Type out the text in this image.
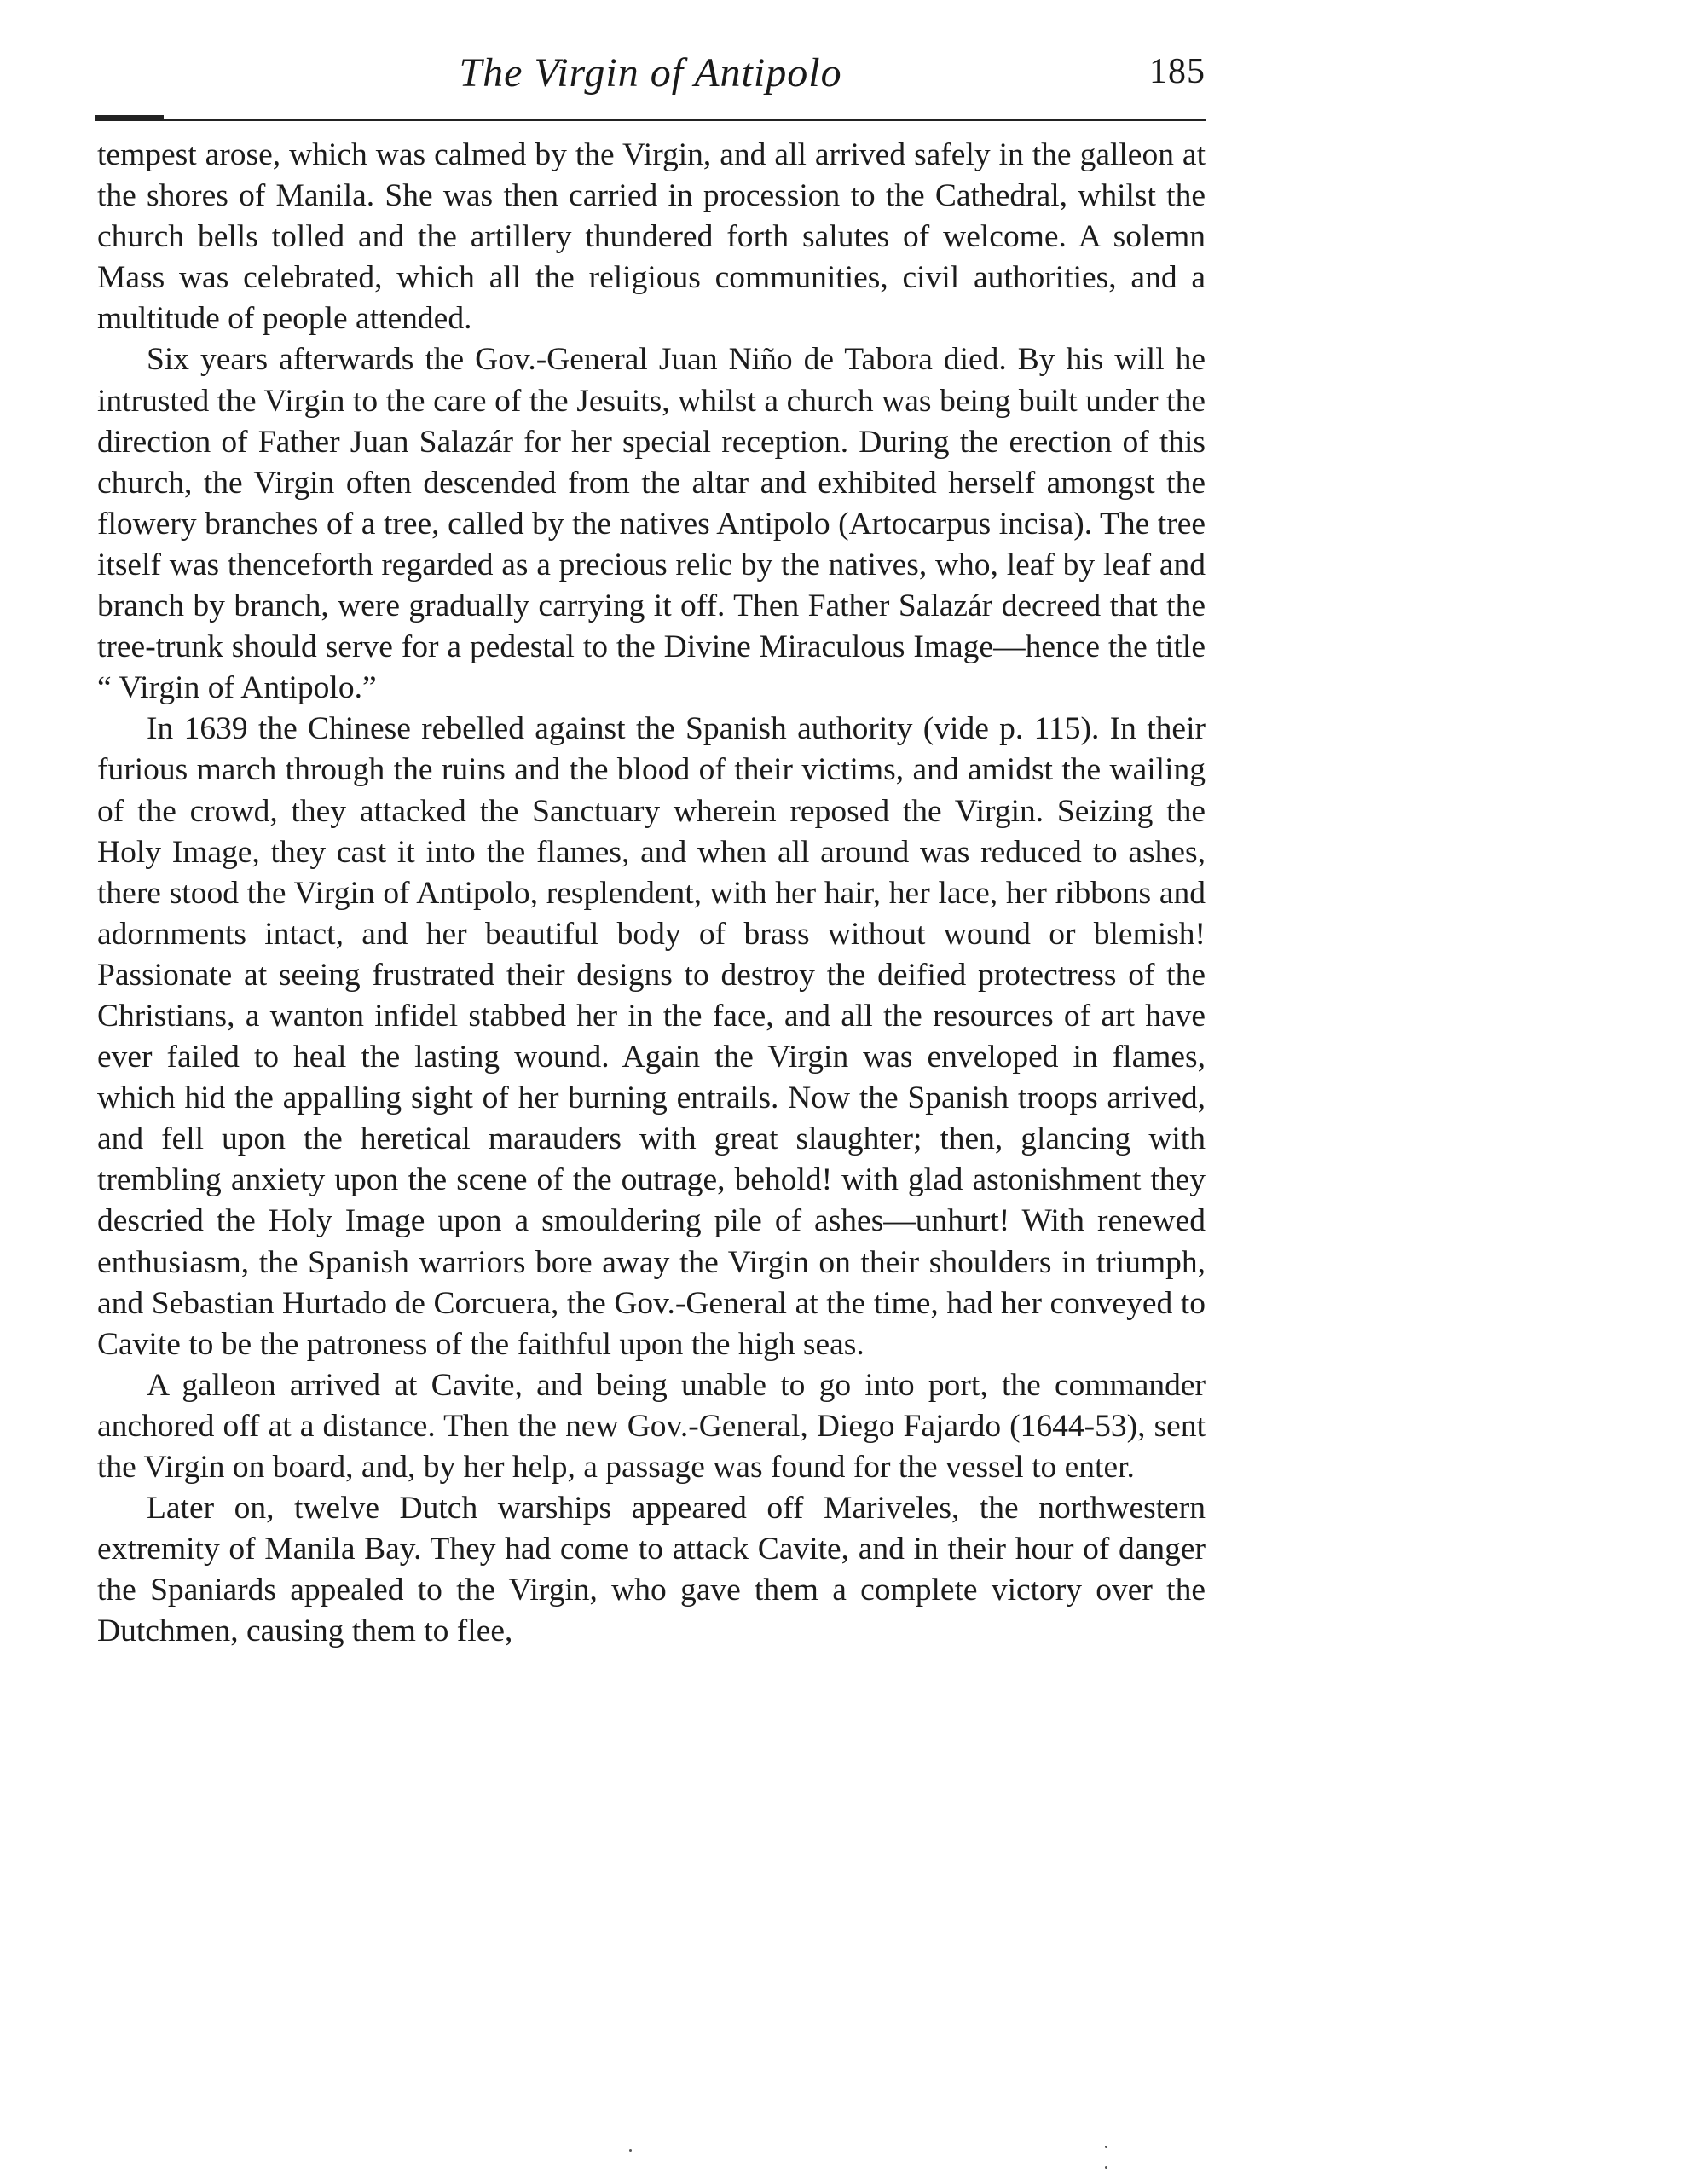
The Virgin of Antipolo	185

tempest arose, which was calmed by the Virgin, and all arrived safely in the galleon at the shores of Manila. She was then carried in procession to the Cathedral, whilst the church bells tolled and the artillery thundered forth salutes of welcome. A solemn Mass was celebrated, which all the religious communities, civil authorities, and a multitude of people attended.

Six years afterwards the Gov.-General Juan Niño de Tabora died. By his will he intrusted the Virgin to the care of the Jesuits, whilst a church was being built under the direction of Father Juan Salazár for her special reception. During the erection of this church, the Virgin often descended from the altar and exhibited herself amongst the flowery branches of a tree, called by the natives Antipolo (Artocarpus incisa). The tree itself was thenceforth regarded as a precious relic by the natives, who, leaf by leaf and branch by branch, were gradually carrying it off. Then Father Salazár decreed that the tree-trunk should serve for a pedestal to the Divine Miraculous Image—hence the title “ Virgin of Antipolo.”

In 1639 the Chinese rebelled against the Spanish authority (vide p. 115). In their furious march through the ruins and the blood of their victims, and amidst the wailing of the crowd, they attacked the Sanctuary wherein reposed the Virgin. Seizing the Holy Image, they cast it into the flames, and when all around was reduced to ashes, there stood the Virgin of Antipolo, resplendent, with her hair, her lace, her ribbons and adornments intact, and her beautiful body of brass without wound or blemish! Passionate at seeing frustrated their designs to destroy the deified protectress of the Christians, a wanton infidel stabbed her in the face, and all the resources of art have ever failed to heal the lasting wound. Again the Virgin was enveloped in flames, which hid the appalling sight of her burning entrails. Now the Spanish troops arrived, and fell upon the heretical marauders with great slaughter; then, glancing with trembling anxiety upon the scene of the outrage, behold! with glad astonishment they descried the Holy Image upon a smouldering pile of ashes—unhurt! With renewed enthusiasm, the Spanish warriors bore away the Virgin on their shoulders in triumph, and Sebastian Hurtado de Corcuera, the Gov.-General at the time, had her conveyed to Cavite to be the patroness of the faithful upon the high seas.

A galleon arrived at Cavite, and being unable to go into port, the commander anchored off at a distance. Then the new Gov.-General, Diego Fajardo (1644-53), sent the Virgin on board, and, by her help, a passage was found for the vessel to enter.

Later on, twelve Dutch warships appeared off Mariveles, the northwestern extremity of Manila Bay. They had come to attack Cavite, and in their hour of danger the Spaniards appealed to the Virgin, who gave them a complete victory over the Dutchmen, causing them to flee,
